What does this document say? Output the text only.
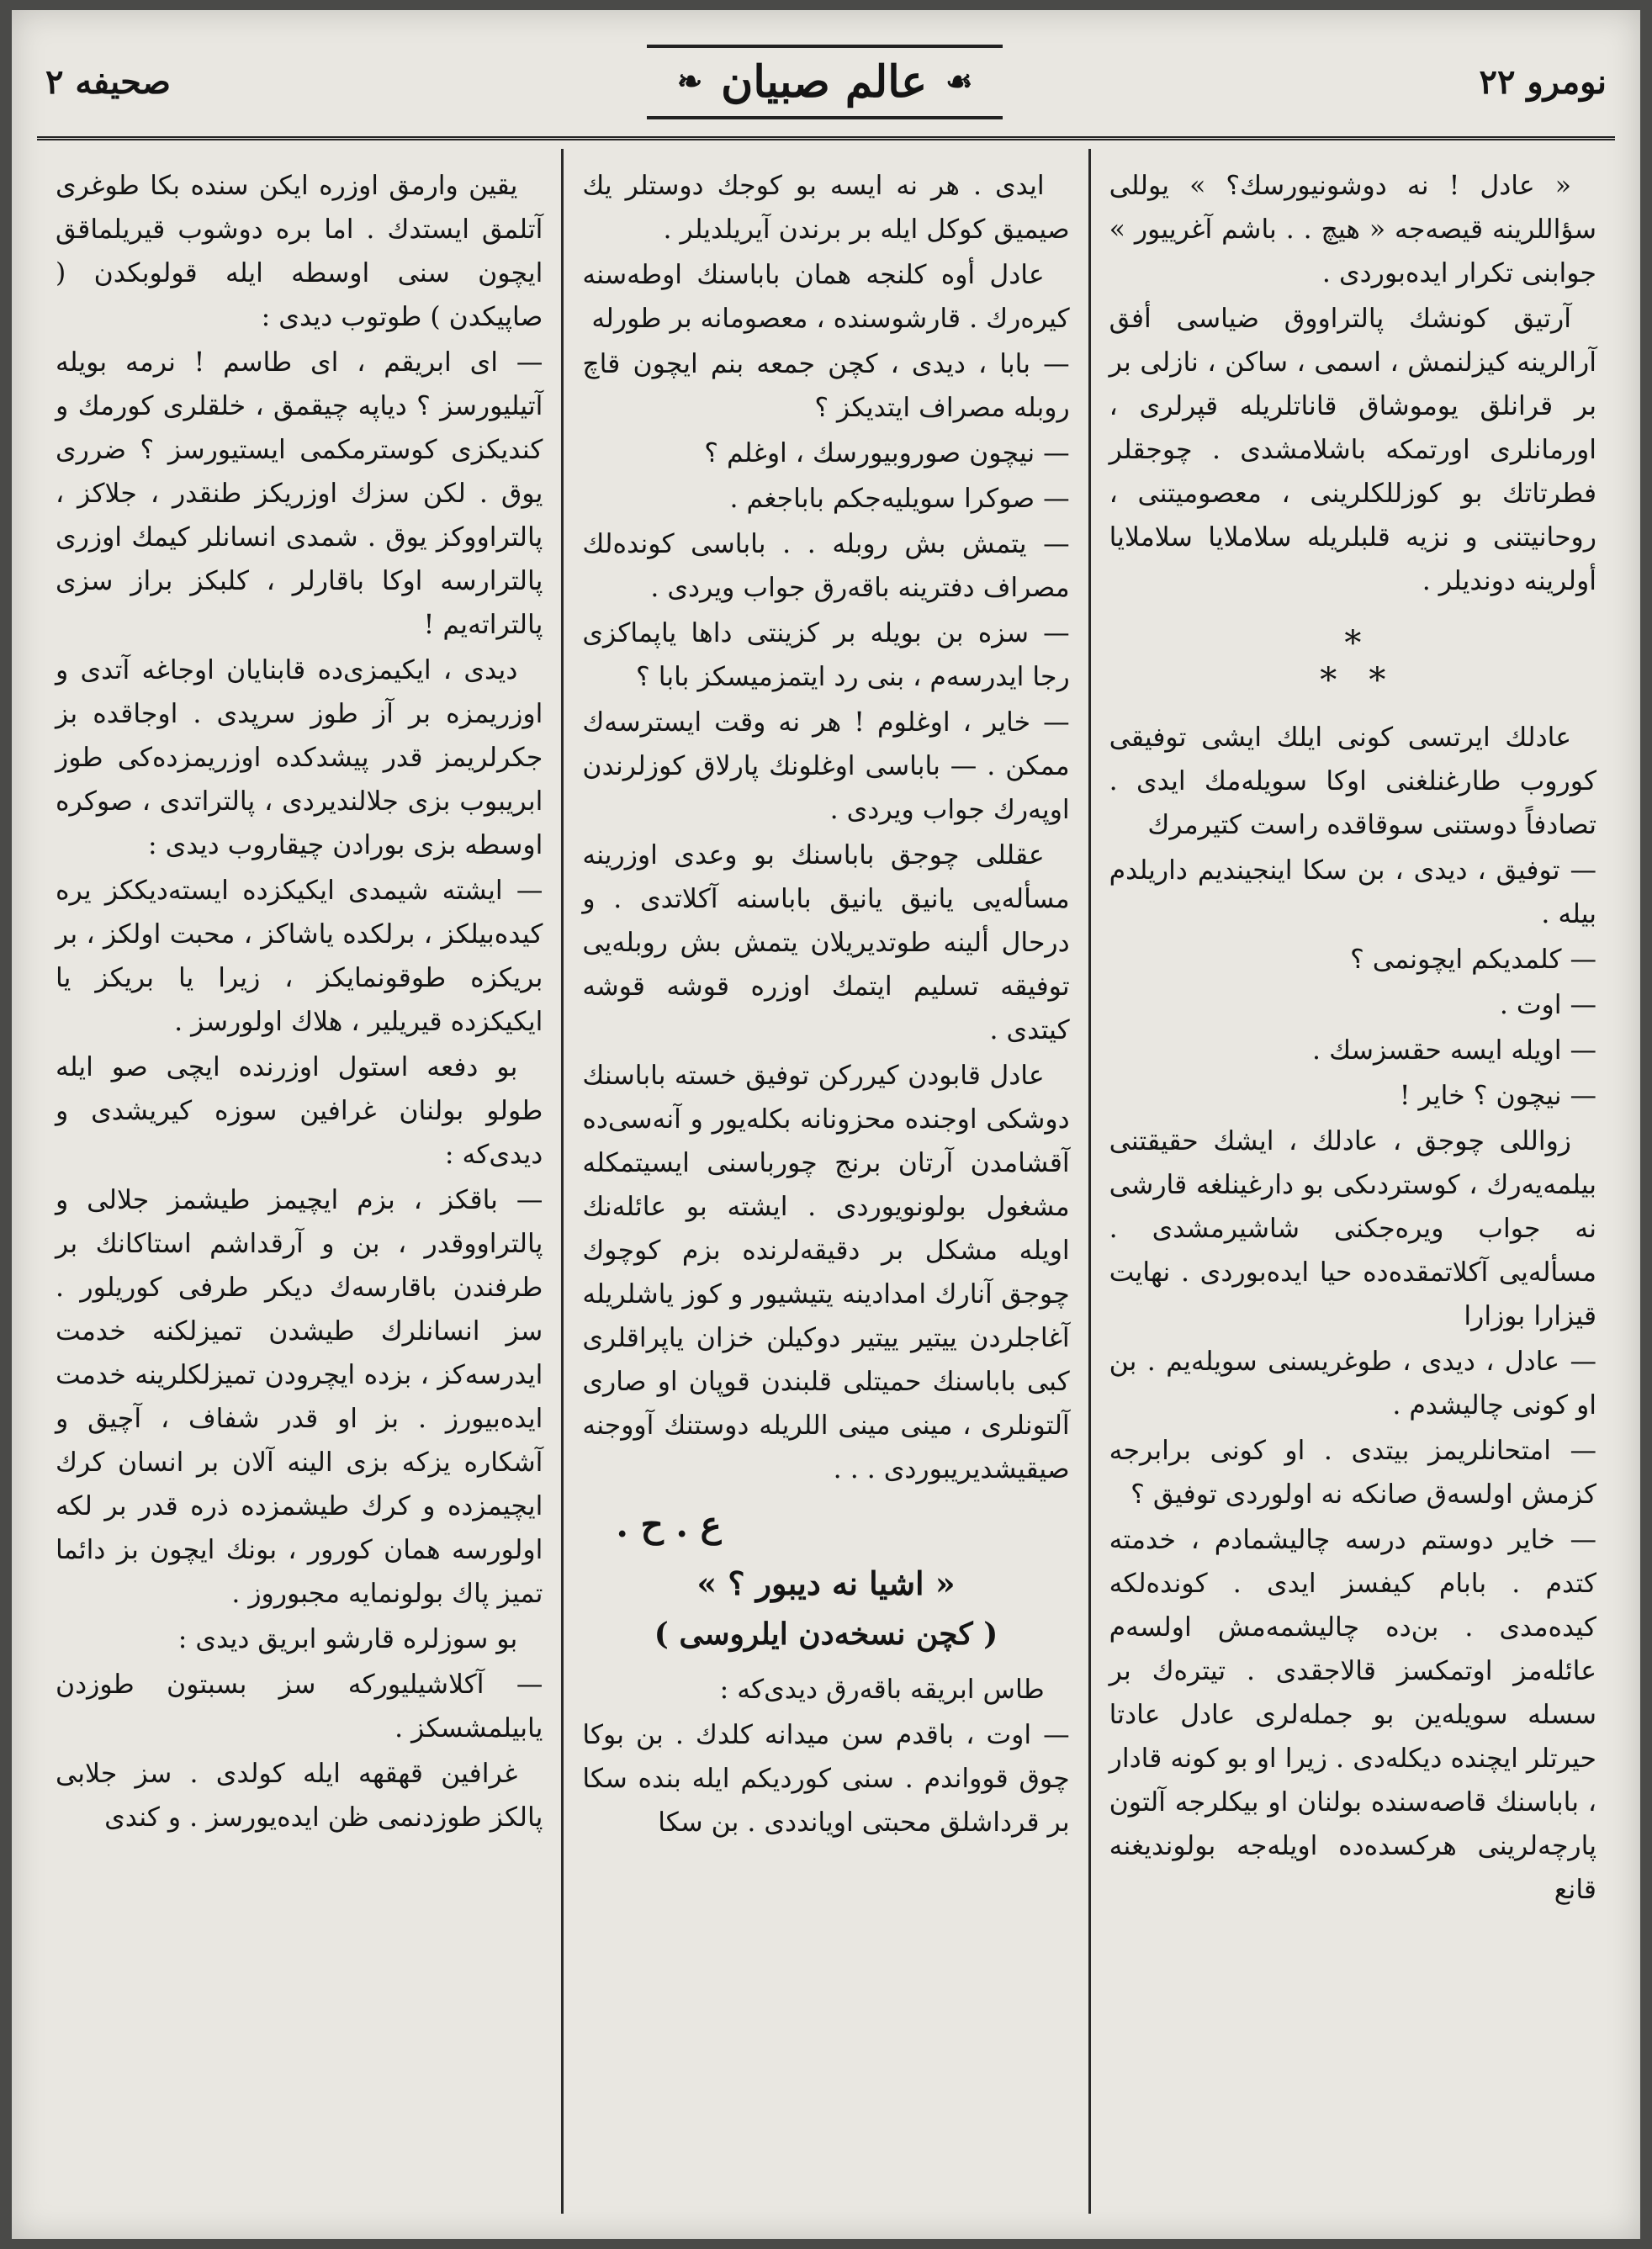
صحيفه ۲	❧ عالم صبيان ☙	نومرو ۲۲

« عادل ! نه دوشونيورسك؟ » يوللى سؤاللرينه قيصه‌جه « هيچ . . باشم آغرييور » جوابنى تكرار ايده‌بوردى .

آرتيق كونشك پالتراووق ضياسى أفق آرالرينه كيزلنمش ، اسمى ، ساكن ، نازلى بر بر قرانلق يوموشاق قاناتلريله قپرلرى ، اورمانلرى اورتمكه باشلامشدى . چوجقلر فطرتاتك بو كوزللكلرينى ، معصوميتنى ، روحانيتنى و نزيه قلبلريله سلاملايا سلاملايا أولرينه دونديلر .

*
*   *

عادلك ايرتسى كونى ايلك ايشى توفيقى كوروب طارغنلغنى اوكا سويله‌مك ايدى . تصادفاً دوستنى سوقاقده راست كتيرمرك

— توفيق ، ديدى ، بن سكا اينجينديم داريلدم بيله .

— كلمديكم ايچونمى ؟

— اوت .

— اويله ايسه حقسزسك .

— نيچون ؟ خاير !

زواللى چوجق ، عادلك ، ايشك حقيقتنى بيلمه‌يه‌رك ، كوستردىكى بو دارغينلغه قارشى نه جواب ويره‌جكنى شاشيرمشدى . مسأله‌يى آكلاتمقده‌ده حيا ايده‌بوردى . نهايت قيزارا بوزارا

— عادل ، ديدى ، طوغريسنى سويله‌يم . بن او كونى چاليشدم .

— امتحانلريمز بيتدى . او كونى برابرجه كزمش اولسه‌ق صانكه نه اولوردى توفيق ؟

— خاير دوستم درسه چاليشمادم ، خدمته كتدم . بابام كيفسز ايدى . كونده‌لكه كيده‌مدى . بن‌ده چاليشمه‌مش اولسه‌م عائله‌مز اوتمكسز قالاجقدى . تيتره‌ك بر سسله سويله‌ين بو جمله‌لرى عادل عادتا حيرتلر ايچنده ديكله‌دى . زيرا او بو كونه قادار ، باباسنك قاصه‌سنده بولنان او بيكلرجه آلتون پارچه‌لرينى هركسده‌ده اويله‌جه بولونديغنه قانع

ايدى . هر نه ايسه بو كوجك دوستلر يك صيميق كوكل ايله بر برندن آيريلديلر .

عادل أوه كلنجه همان باباسنك اوطه‌سنه كيره‌رك . قارشوسنده ، معصومانه بر طورله

— بابا ، ديدى ، كچن جمعه بنم ايچون قاچ روبله مصراف ايتديكز ؟

— نيچون صوروبيورسك ، اوغلم ؟

— صوكرا سويليه‌جكم باباجغم .

— يتمش بش روبله . . باباسى كونده‌لك مصراف دفترينه باقه‌رق جواب ويردى .

— سزه بن بويله بر كزينتى داها ياپماكزى رجا ايدرسه‌م ، بنى رد ايتمزميسكز بابا ؟

— خاير ، اوغلوم ! هر نه وقت ايسترسه‌ك ممكن . — باباسى اوغلونك پارلاق كوزلرندن اوپه‌رك جواب ويردى .

عقللى چوجق باباسنك بو وعدى اوزرينه مسأله‌يى يانيق يانيق باباسنه آكلاتدى . و درحال ألينه طوتديريلان يتمش بش روبله‌يى توفيقه تسليم ايتمك اوزره قوشه قوشه كيتدى .

عادل قابودن كيرركن توفيق خسته باباسنك دوشكى اوجنده محزونانه بكله‌يور و آنه‌سى‌ده آقشامدن آرتان برنج چورباسنى ايسيتمكله مشغول بولونويوردى . ايشته بو عائله‌نك اويله مشكل بر دقيقه‌لرنده بزم كوچوك چوجق آنارك امدادينه يتيشيور و كوز ياشلريله آغاجلردن ييتير ييتير دوكيلن خزان ياپراقلرى كبى باباسنك حميتلى قلبندن قوپان او صارى آلتونلرى ، مينى مينى اللريله دوستنك آووجنه صيقيشديريبوردى . . .

ع . ح .
« اشيا نه ديبور ؟ »
( كچن نسخه‌دن ايلروسى )

طاس ابريقه باقه‌رق ديدى‌كه :

— اوت ، باقدم سن ميدانه كلدك . بن بوكا چوق قوواندم . سنى كورديكم ايله بنده سكا بر قرداشلق محبتى اويانددى . بن سكا

يقين وارمق اوزره ايكن سنده بكا طوغرى آتلمق ايستدك . اما بره دوشوب قيريلماقق ايچون سنى اوسطه ايله قولوبكدن ( صاپيكدن ) طوتوب ديدى :

— اى ابريقم ، اى طاسم ! نرمه بويله آتيليورسز ؟ دياپه چيقمق ، خلقلرى كورمك و كنديكزى كوسترمكمى ايستيورسز ؟ ضررى يوق . لكن سزك اوزريكز طنقدر ، جلاكز ، پالتراووكز يوق . شمدى انسانلر كيمك اوزرى پالترارسه اوكا باقارلر ، كلبكز براز سزى پالتراته‌يم !

ديدى ، ايكيمزى‌ده قابنايان اوجاغه آتدى و اوزريمزه بر آز طوز سرپدى . اوجاقده بز جكرلريمز قدر پيشدكده اوزريمزده‌كى طوز ابريبوب بزى جلالنديردى ، پالتراتدى ، صوكره اوسطه بزى بورادن چيقاروب ديدى :

— ايشته شيمدى ايكيكزده ايسته‌ديككز يره كيده‌بيلكز ، برلكده ياشاكز ، محبت اولكز ، بر بريكزه طوقونمايكز ، زيرا يا بريكز يا ايكيكزده قيريلير ، هلاك اولورسز .

بو دفعه استول اوزرنده ايچى صو ايله طولو بولنان غرافين سوزه كيريشدى و ديدى‌كه :

— باقكز ، بزم ايچيمز طيشمز جلالى و پالتراووقدر ، بن و آرقداشم استاكانك بر طرفندن باقارسه‌ك ديكر طرفى كوريلور . سز انسانلرك طيشدن تميزلكنه خدمت ايدرسه‌كز ، بزده ايچرودن تميزلكلرينه خدمت ايده‌بيورز . بز او قدر شفاف ، آچيق و آشكاره يزكه بزى الينه آلان بر انسان كرك ايچيمزده و كرك طيشمزده ذره قدر بر لكه اولورسه همان كورور ، بونك ايچون بز دائما تميز پاك بولونمايه مجبوروز .

بو سوزلره قارشو ابريق ديدى :

— آكلاشيليوركه سز بسبتون طوزدن يابيلمشسكز .

غرافين قهقهه ايله كولدى . سز جلابى پالكز طوزدنمى ظن ايده‌يورسز . و كندى
